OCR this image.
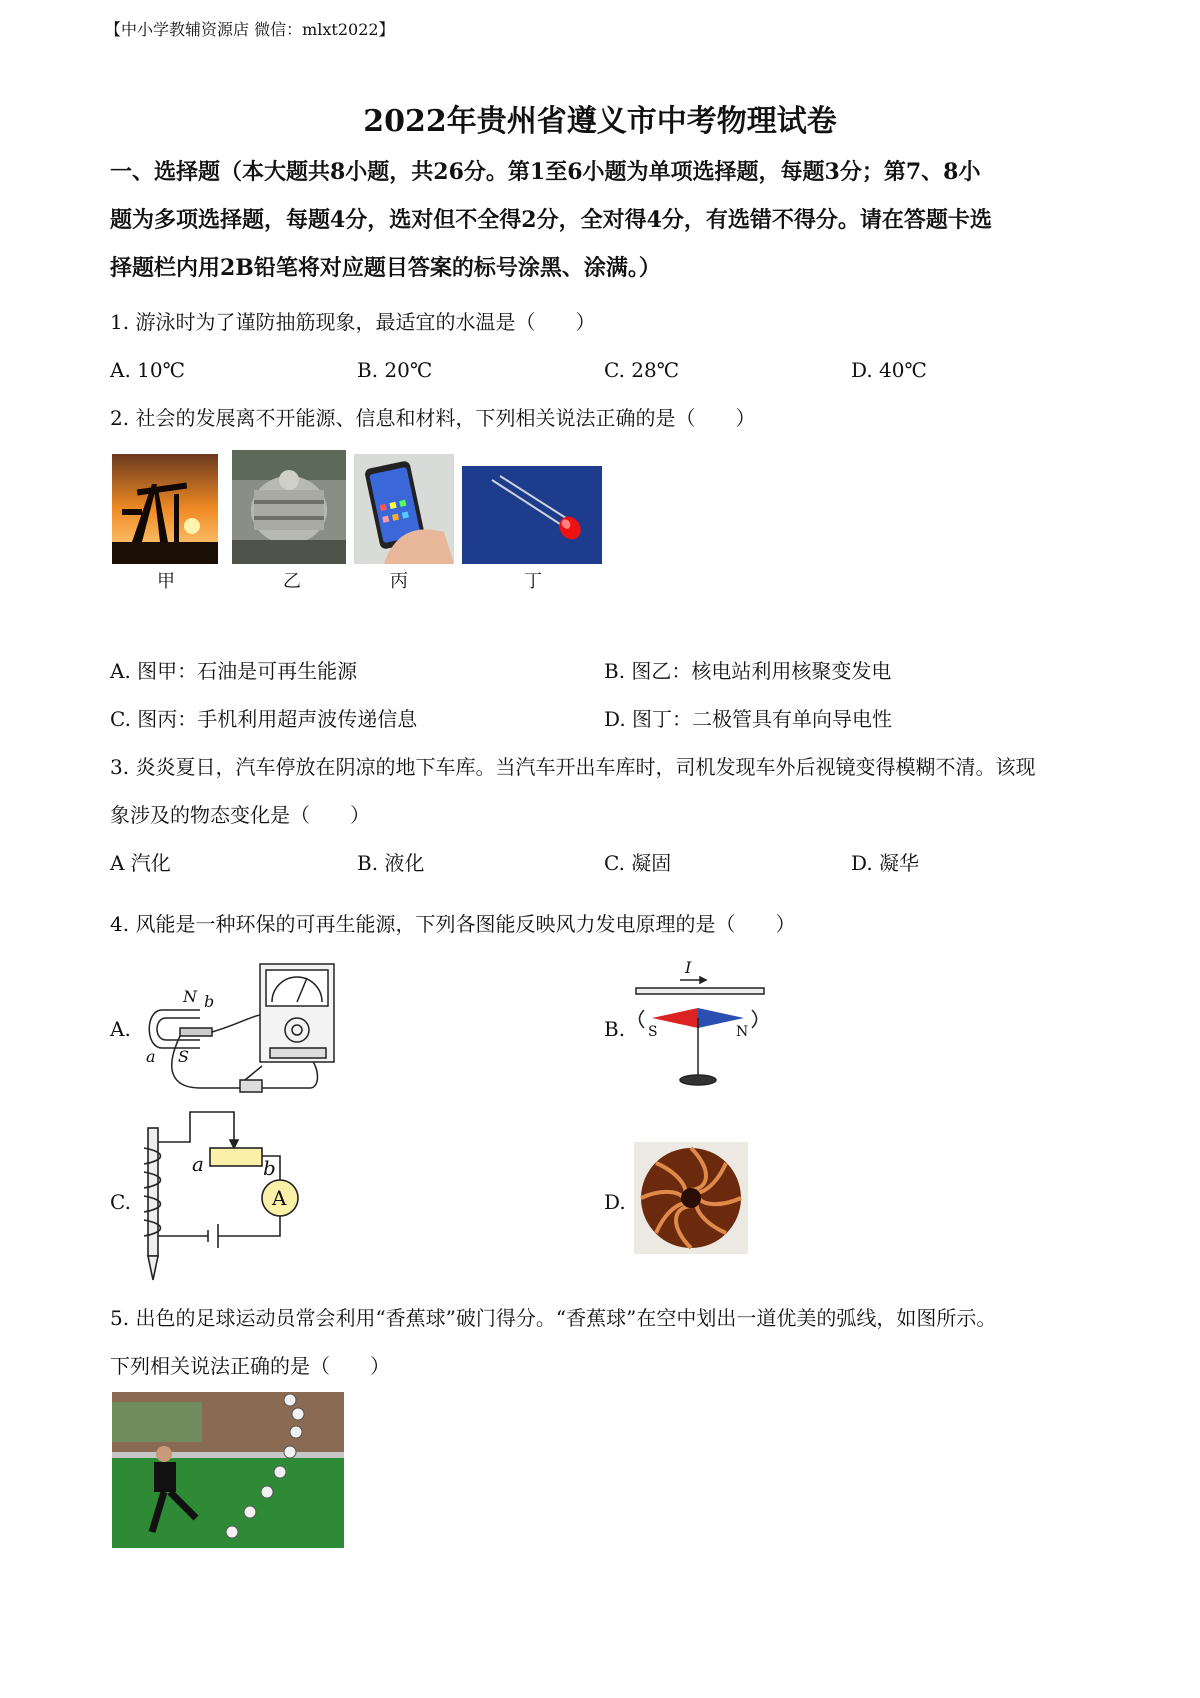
【中小学教辅资源店 微信：mlxt2022】
2022年贵州省遵义市中考物理试卷

一、选择题（本大题共8小题，共26分。第1至6小题为单项选择题，每题3分；第7、8小

题为多项选择题，每题4分，选对但不全得2分，全对得4分，有选错不得分。请在答题卡选

择题栏内用2B铅笔将对应题目答案的标号涂黑、涂满。）

1. 游泳时为了谨防抽筋现象，最适宜的水温是（　　）
A. 10℃	B. 20℃	C. 28℃	D. 40℃
2. 社会的发展离不开能源、信息和材料，下列相关说法正确的是（　　）
甲	乙	丙	丁
A. 图甲：石油是可再生能源	B. 图乙：核电站利用核聚变发电
C. 图丙：手机利用超声波传递信息	D. 图丁：二极管具有单向导电性
3. 炎炎夏日，汽车停放在阴凉的地下车库。当汽车开出车库时，司机发现车外后视镜变得模糊不清。该现
象涉及的物态变化是（　　）
A 汽化	B. 液化	C. 凝固	D. 凝华
4. 风能是一种环保的可再生能源，下列各图能反映风力发电原理的是（　　）
A.
N
S
a
b
B.
I
S	N
C.
a	b
A	D.
5. 出色的足球运动员常会利用“香蕉球”破门得分。“香蕉球”在空中划出一道优美的弧线，如图所示。
下列相关说法正确的是（　　）
